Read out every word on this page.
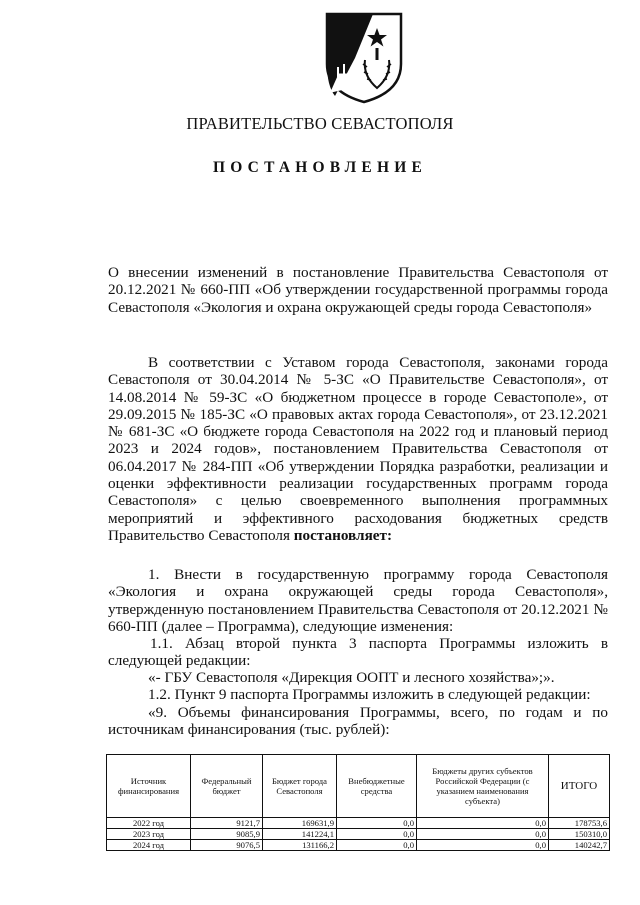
ПРАВИТЕЛЬСТВО СЕВАСТОПОЛЯ
ПОСТАНОВЛЕНИЕ

О внесении изменений в постановление Правительства Севастополя от 20.12.2021 № 660-ПП «Об утверждении государственной программы города Севастополя «Экология и охрана окружающей среды города Севастополя»

В соответствии с Уставом города Севастополя, законами города Севастополя от 30.04.2014 № 5-ЗС «О Правительстве Севастополя», от 14.08.2014 № 59-ЗС «О бюджетном процессе в городе Севастополе», от 29.09.2015 № 185-ЗС «О правовых актах города Севастополя», от 23.12.2021 № 681-ЗС «О бюджете города Севастополя на 2022 год и плановый период 2023 и 2024 годов», постановлением Правительства Севастополя от 06.04.2017 № 284-ПП «Об утверждении Порядка разработки, реализации и оценки эффективности реализации государственных программ города Севастополя» с целью своевременного выполнения программных мероприятий и эффективного расходования бюджетных средств Правительство Севастополя постановляет:

1. Внести в государственную программу города Севастополя «Экология и охрана окружающей среды города Севастополя», утвержденную постановлением Правительства Севастополя от 20.12.2021 № 660-ПП (далее – Программа), следующие изменения:

1.1. Абзац второй пункта 3 паспорта Программы изложить в следующей редакции:

«- ГБУ Севастополя «Дирекция ООПТ и лесного хозяйства»;».

1.2. Пункт 9 паспорта Программы изложить в следующей редакции:

«9. Объемы финансирования Программы, всего, по годам и по источникам финансирования (тыс. рублей):

Источник финансирования	Федеральный бюджет	Бюджет города Севастополя	Внебюджетные средства	Бюджеты других субъектов Российской Федерации (с указанием наименования субъекта)	ИТОГО
2022 год	9121,7	169631,9	0,0	0,0	178753,6
2023 год	9085,9	141224,1	0,0	0,0	150310,0
2024 год	9076,5	131166,2	0,0	0,0	140242,7
